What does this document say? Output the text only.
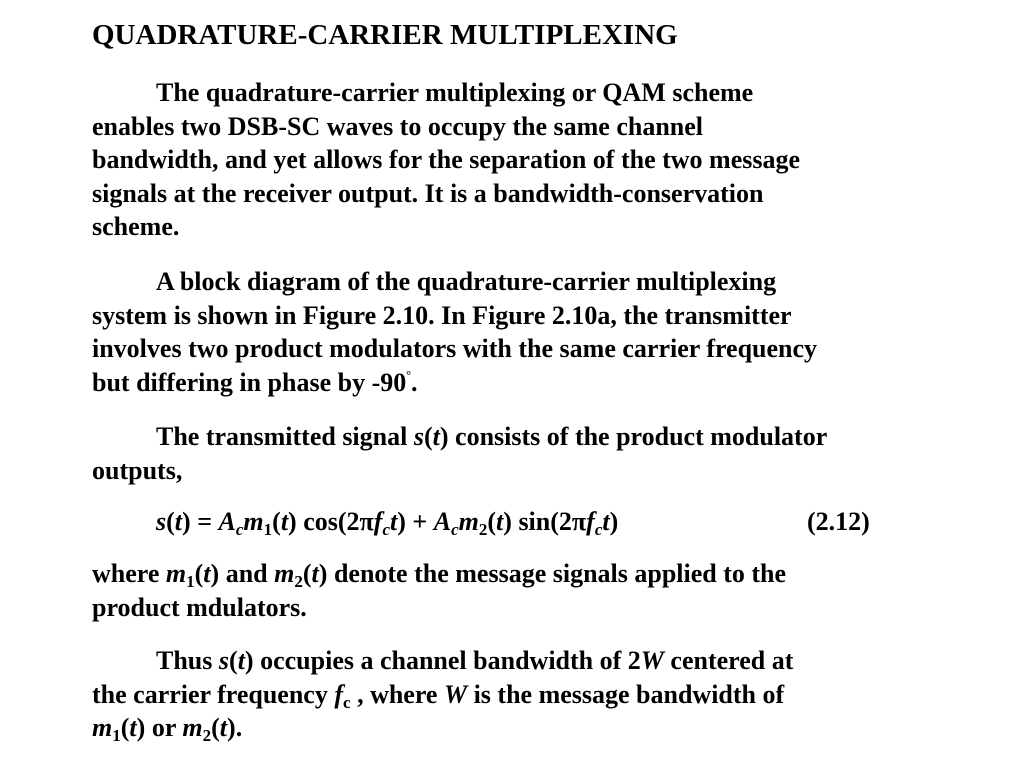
QUADRATURE-CARRIER MULTIPLEXING

The quadrature-carrier multiplexing or QAM scheme
enables two DSB-SC waves to occupy the same channel
bandwidth, and yet allows for the separation of the two message
signals at the receiver output. It is a bandwidth-conservation
scheme.

A block diagram of the quadrature-carrier multiplexing
system is shown in Figure 2.10. In Figure 2.10a, the transmitter
involves two product modulators with the same carrier frequency
but differing in phase by -90°.

The transmitted signal s(t) consists of the product modulator
outputs,

$s(t) = A_cm_1(t) \cos(2\pi f_ct) + A_cm_2(t)$ $\sin(2\pi f_ct)$	(2.12)

where $m_1(t)$ and $m_2(t)$ denote the message signals applied to the
product mdulators.

Thus s(t) occupies a channel bandwidth of 2W centered at
the carrier frequency $f_c$ , where W is the message bandwidth of
$m_1(t)$ or $m_2(t)$.
